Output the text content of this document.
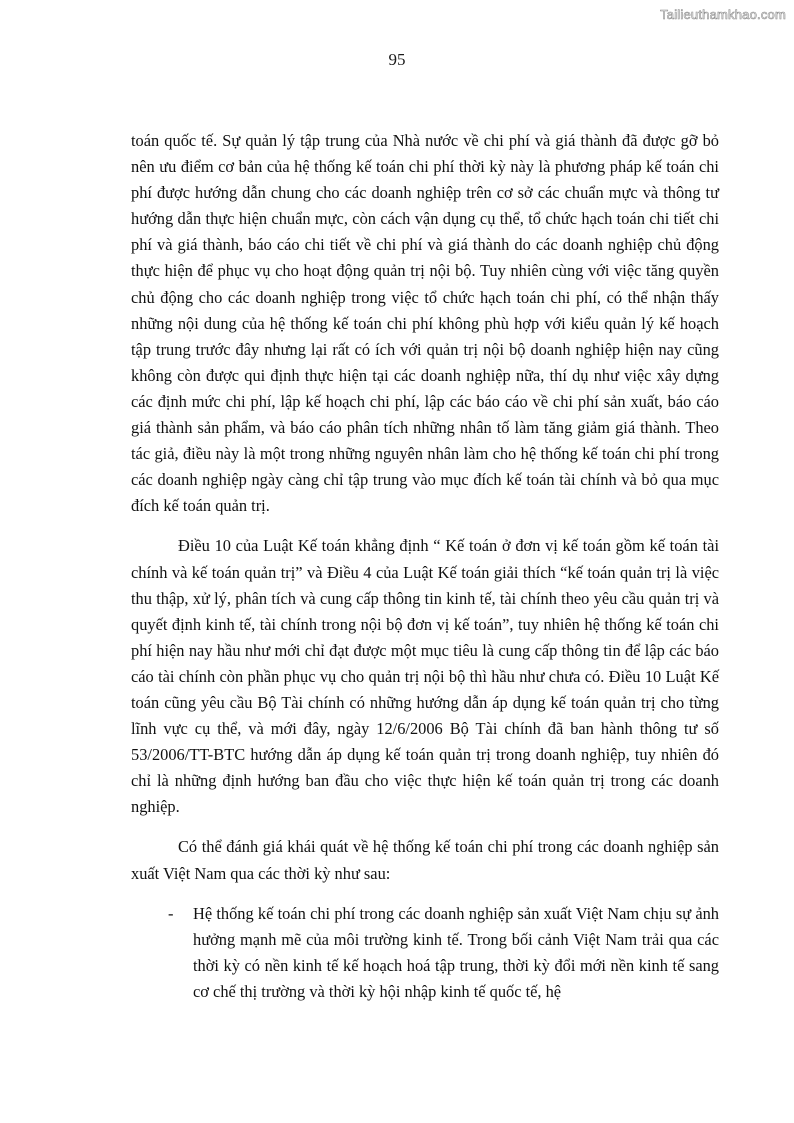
Tailieuthamkhao.com
95

toán quốc tế. Sự quản lý tập trung của Nhà nước về chi phí và giá thành đã được gỡ bỏ nên ưu điểm cơ bản của hệ thống kế toán chi phí thời kỳ này là phương pháp kế toán chi phí được hướng dẫn chung cho các doanh nghiệp trên cơ sở các chuẩn mực và thông tư hướng dẫn thực hiện chuẩn mực, còn cách vận dụng cụ thể, tổ chức hạch toán chi tiết chi phí và giá thành, báo cáo chi tiết về chi phí và giá thành do các doanh nghiệp chủ động thực hiện để phục vụ cho hoạt động quản trị nội bộ. Tuy nhiên cùng với việc tăng quyền chủ động cho các doanh nghiệp trong việc tổ chức hạch toán chi phí, có thể nhận thấy những nội dung của hệ thống kế toán chi phí không phù hợp với kiểu quản lý kế hoạch tập trung trước đây nhưng lại rất có ích với quản trị nội bộ doanh nghiệp hiện nay cũng không còn được qui định thực hiện tại các doanh nghiệp nữa, thí dụ như việc xây dựng các định mức chi phí, lập kế hoạch chi phí, lập các báo cáo về chi phí sản xuất, báo cáo giá thành sản phẩm, và báo cáo phân tích những nhân tố làm tăng giảm giá thành. Theo tác giả, điều này là một trong những nguyên nhân làm cho hệ thống kế toán chi phí trong các doanh nghiệp ngày càng chỉ tập trung vào mục đích kế toán tài chính và bỏ qua mục đích kế toán quản trị.

Điều 10 của Luật Kế toán khẳng định “ Kế toán ở đơn vị kế toán gồm kế toán tài chính và kế toán quản trị” và Điều 4 của Luật Kế toán giải thích “kế toán quản trị là việc thu thập, xử lý, phân tích và cung cấp thông tin kinh tế, tài chính theo yêu cầu quản trị và quyết định kinh tế, tài chính trong nội bộ đơn vị kế toán”, tuy nhiên hệ thống kế toán chi phí hiện nay hầu như mới chỉ đạt được một mục tiêu là cung cấp thông tin để lập các báo cáo tài chính còn phần phục vụ cho quản trị nội bộ thì hầu như chưa có. Điều 10 Luật Kế toán cũng yêu cầu Bộ Tài chính có những hướng dẫn áp dụng kế toán quản trị cho từng lĩnh vực cụ thể, và mới đây, ngày 12/6/2006 Bộ Tài chính đã ban hành thông tư số 53/2006/TT-BTC hướng dẫn áp dụng kế toán quản trị trong doanh nghiệp, tuy nhiên đó chỉ là những định hướng ban đầu cho việc thực hiện kế toán quản trị trong các doanh nghiệp.

Có thể đánh giá khái quát về hệ thống kế toán chi phí trong các doanh nghiệp sản xuất Việt Nam qua các thời kỳ như sau:

- Hệ thống kế toán chi phí trong các doanh nghiệp sản xuất Việt Nam chịu sự ảnh hưởng mạnh mẽ của môi trường kinh tế. Trong bối cảnh Việt Nam trải qua các thời kỳ có nền kinh tế kế hoạch hoá tập trung, thời kỳ đổi mới nền kinh tế sang cơ chế thị trường và thời kỳ hội nhập kinh tế quốc tế, hệ
